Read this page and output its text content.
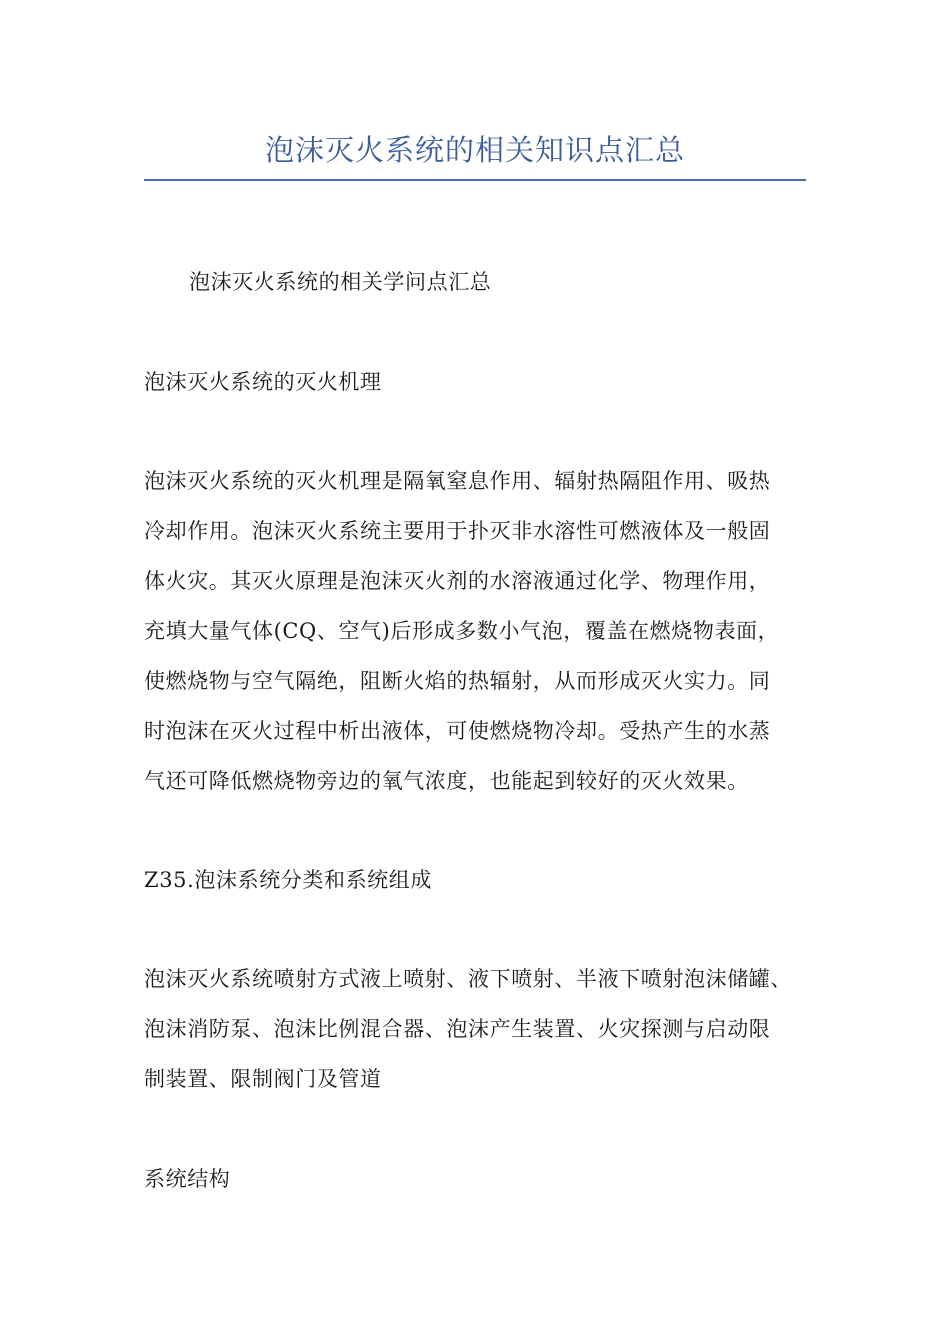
泡沫灭火系统的相关知识点汇总
泡沫灭火系统的相关学问点汇总
泡沫灭火系统的灭火机理
泡沫灭火系统的灭火机理是隔氧窒息作用、辐射热隔阻作用、吸热
冷却作用。泡沫灭火系统主要用于扑灭非水溶性可燃液体及一般固
体火灾。其灭火原理是泡沫灭火剂的水溶液通过化学、物理作用，
充填大量气体(CQ、空气)后形成多数小气泡，覆盖在燃烧物表面，
使燃烧物与空气隔绝，阻断火焰的热辐射，从而形成灭火实力。同
时泡沫在灭火过程中析出液体，可使燃烧物冷却。受热产生的水蒸
气还可降低燃烧物旁边的氧气浓度，也能起到较好的灭火效果。
Z35.泡沫系统分类和系统组成
泡沫灭火系统喷射方式液上喷射、液下喷射、半液下喷射泡沫储罐、
泡沫消防泵、泡沫比例混合器、泡沫产生装置、火灾探测与启动限
制装置、限制阀门及管道
系统结构
